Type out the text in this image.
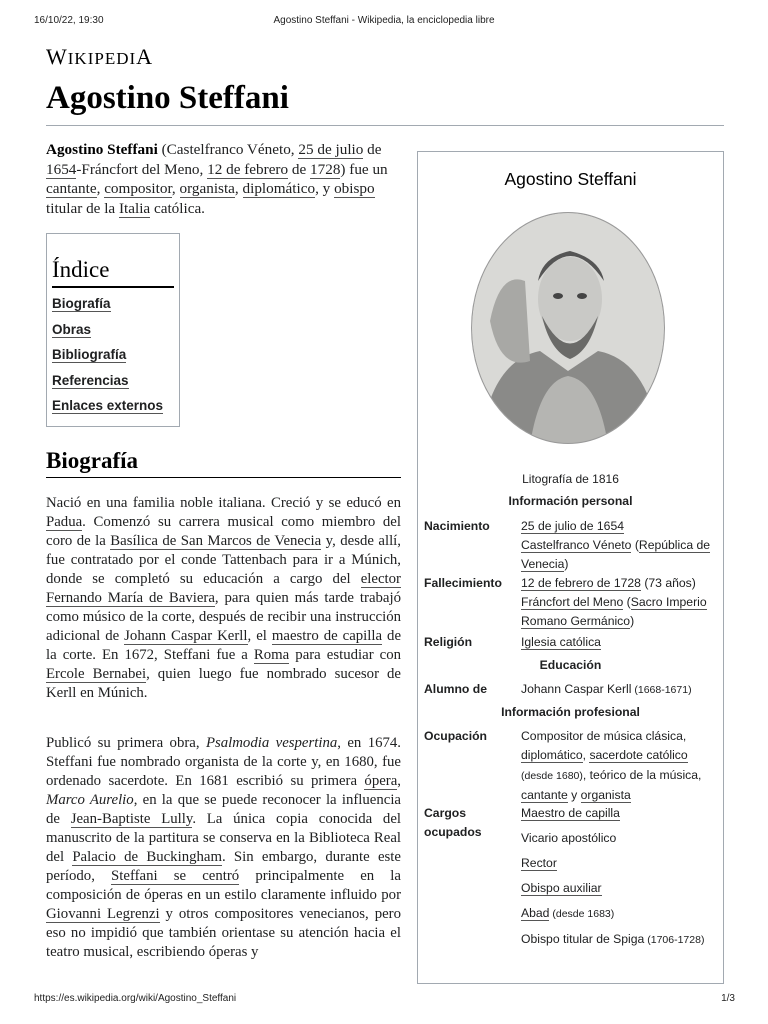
16/10/22, 19:30	Agostino Steffani - Wikipedia, la enciclopedia libre
https://es.wikipedia.org/wiki/Agostino_Steffani	1/3
WIKIPEDIA
Agostino Steffani

Agostino Steffani (Castelfranco Véneto, 25 de julio de 1654-Fráncfort del Meno, 12 de febrero de 1728) fue un cantante, compositor, organista, diplomático, y obispo titular de la Italia católica.

Índice
Biografía
Obras
Bibliografía
Referencias
Enlaces externos
Biografía

Nació en una familia noble italiana. Creció y se educó en Padua. Comenzó su carrera musical como miembro del coro de la Basílica de San Marcos de Venecia y, desde allí, fue contratado por el conde Tattenbach para ir a Múnich, donde se completó su educación a cargo del elector Fernando María de Baviera, para quien más tarde trabajó como músico de la corte, después de recibir una instrucción adicional de Johann Caspar Kerll, el maestro de capilla de la corte. En 1672, Steffani fue a Roma para estudiar con Ercole Bernabei, quien luego fue nombrado sucesor de Kerll en Múnich.

Publicó su primera obra, Psalmodia vespertina, en 1674. Steffani fue nombrado organista de la corte y, en 1680, fue ordenado sacerdote. En 1681 escribió su primera ópera, Marco Aurelio, en la que se puede reconocer la influencia de Jean-Baptiste Lully. La única copia conocida del manuscrito de la partitura se conserva en la Biblioteca Real del Palacio de Buckingham. Sin embargo, durante este período, Steffani se centró principalmente en la composición de óperas en un estilo claramente influido por Giovanni Legrenzi y otros compositores venecianos, pero eso no impidió que también orientase su atención hacia el teatro musical, escribiendo óperas y

Agostino Steffani
Litografía de 1816
Información personal
Nacimiento	25 de julio de 1654
Castelfranco Véneto (República de Venecia)
Fallecimiento	12 de febrero de 1728 (73 años)
Fráncfort del Meno (Sacro Imperio Romano Germánico)
Religión	Iglesia católica
Educación
Alumno de	Johann Caspar Kerll (1668-1671)
Información profesional
Ocupación	Compositor de música clásica, diplomático, sacerdote católico (desde 1680), teórico de la música, cantante y organista
Cargos ocupados
Maestro de capilla
Vicario apostólico
Rector
Obispo auxiliar
Abad (desde 1683)
Obispo titular de Spiga (1706-1728)
